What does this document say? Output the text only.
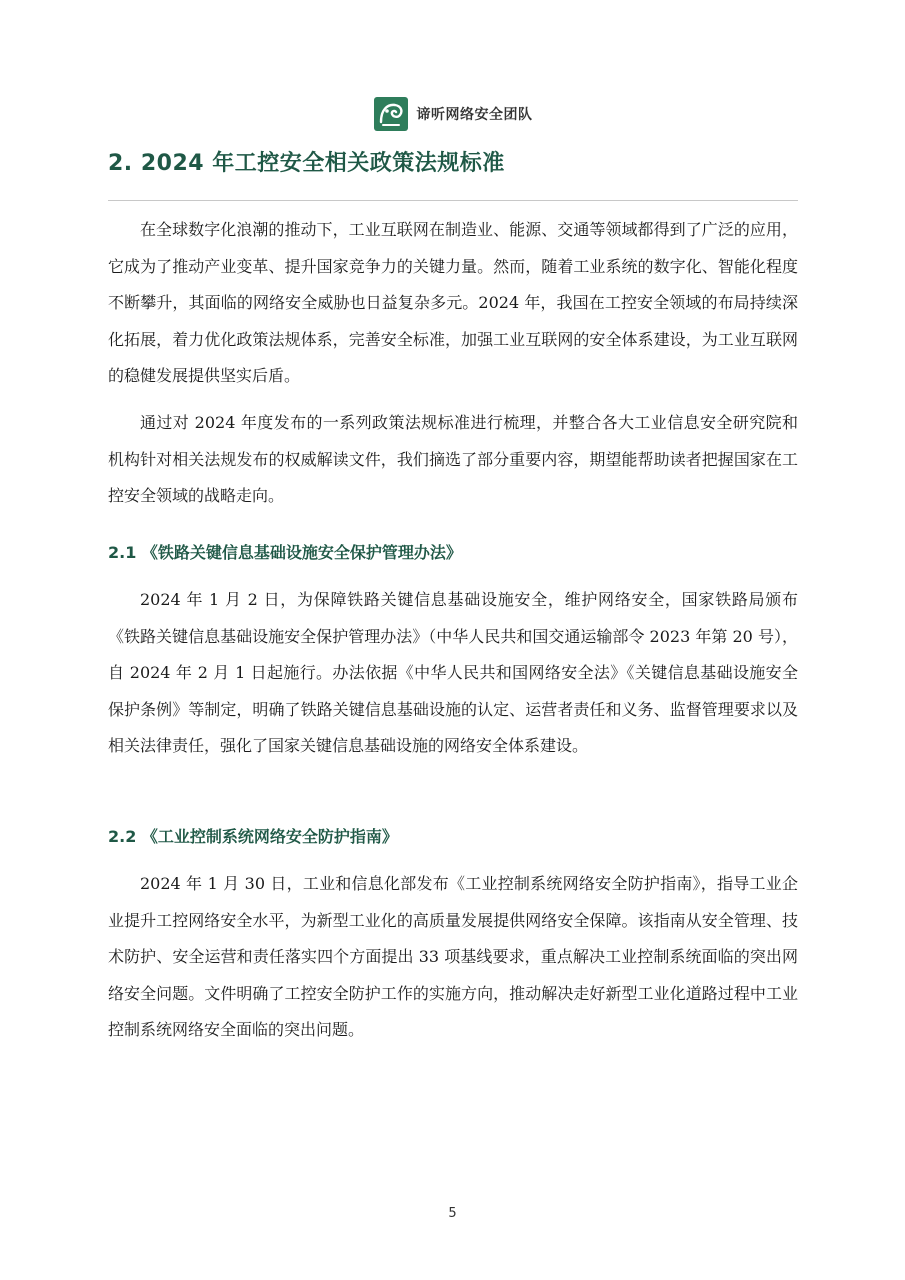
谛听网络安全团队
2. 2024 年工控安全相关政策法规标准

在全球数字化浪潮的推动下，工业互联网在制造业、能源、交通等领域都得到了广泛的应用，它成为了推动产业变革、提升国家竞争力的关键力量。然而，随着工业系统的数字化、智能化程度不断攀升，其面临的网络安全威胁也日益复杂多元。2024 年，我国在工控安全领域的布局持续深化拓展，着力优化政策法规体系，完善安全标准，加强工业互联网的安全体系建设，为工业互联网的稳健发展提供坚实后盾。

通过对 2024 年度发布的一系列政策法规标准进行梳理，并整合各大工业信息安全研究院和机构针对相关法规发布的权威解读文件，我们摘选了部分重要内容，期望能帮助读者把握国家在工控安全领域的战略走向。

2.1 《铁路关键信息基础设施安全保护管理办法》

2024 年 1 月 2 日，为保障铁路关键信息基础设施安全，维护网络安全，国家铁路局颁布《铁路关键信息基础设施安全保护管理办法》（中华人民共和国交通运输部令 2023 年第 20 号），自 2024 年 2 月 1 日起施行。办法依据《中华人民共和国网络安全法》《关键信息基础设施安全保护条例》等制定，明确了铁路关键信息基础设施的认定、运营者责任和义务、监督管理要求以及相关法律责任，强化了国家关键信息基础设施的网络安全体系建设。

2.2 《工业控制系统网络安全防护指南》

2024 年 1 月 30 日，工业和信息化部发布《工业控制系统网络安全防护指南》，指导工业企业提升工控网络安全水平，为新型工业化的高质量发展提供网络安全保障。该指南从安全管理、技术防护、安全运营和责任落实四个方面提出 33 项基线要求，重点解决工业控制系统面临的突出网络安全问题。文件明确了工控安全防护工作的实施方向，推动解决走好新型工业化道路过程中工业控制系统网络安全面临的突出问题。

5
